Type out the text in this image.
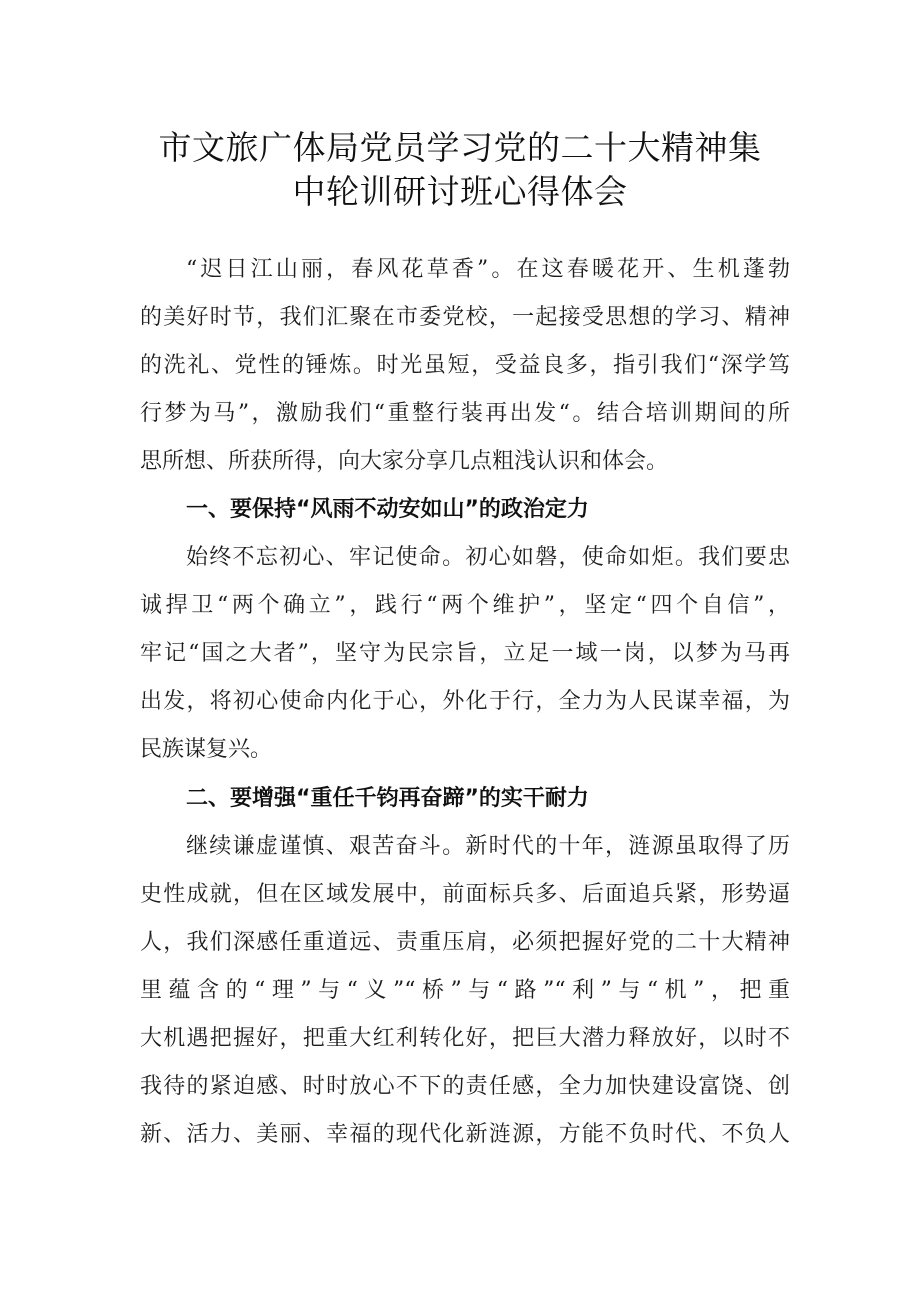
市文旅广体局党员学习党的二十大精神集
中轮训研讨班心得体会
“迟日江山丽，春风花草香”。在这春暖花开、生机蓬勃
的美好时节，我们汇聚在市委党校，一起接受思想的学习、精神
的洗礼、党性的锤炼。时光虽短，受益良多，指引我们“深学笃
行梦为马”，激励我们“重整行装再出发“。结合培训期间的所
思所想、所获所得，向大家分享几点粗浅认识和体会。
一、要保持“风雨不动安如山”的政治定力
始终不忘初心、牢记使命。初心如磐，使命如炬。我们要忠
诚捍卫“两个确立”，践行“两个维护”，坚定“四个自信”，
牢记“国之大者”，坚守为民宗旨，立足一域一岗，以梦为马再
出发，将初心使命内化于心，外化于行，全力为人民谋幸福，为
民族谋复兴。
二、要增强“重任千钧再奋蹄”的实干耐力
继续谦虚谨慎、艰苦奋斗。新时代的十年，涟源虽取得了历
史性成就，但在区域发展中，前面标兵多、后面追兵紧，形势逼
人，我们深感任重道远、责重压肩，必须把握好党的二十大精神
里蕴含的“理”与“义”“桥”与“路”“利”与“机”，把重
大机遇把握好，把重大红利转化好，把巨大潜力释放好，以时不
我待的紧迫感、时时放心不下的责任感，全力加快建设富饶、创
新、活力、美丽、幸福的现代化新涟源，方能不负时代、不负人
